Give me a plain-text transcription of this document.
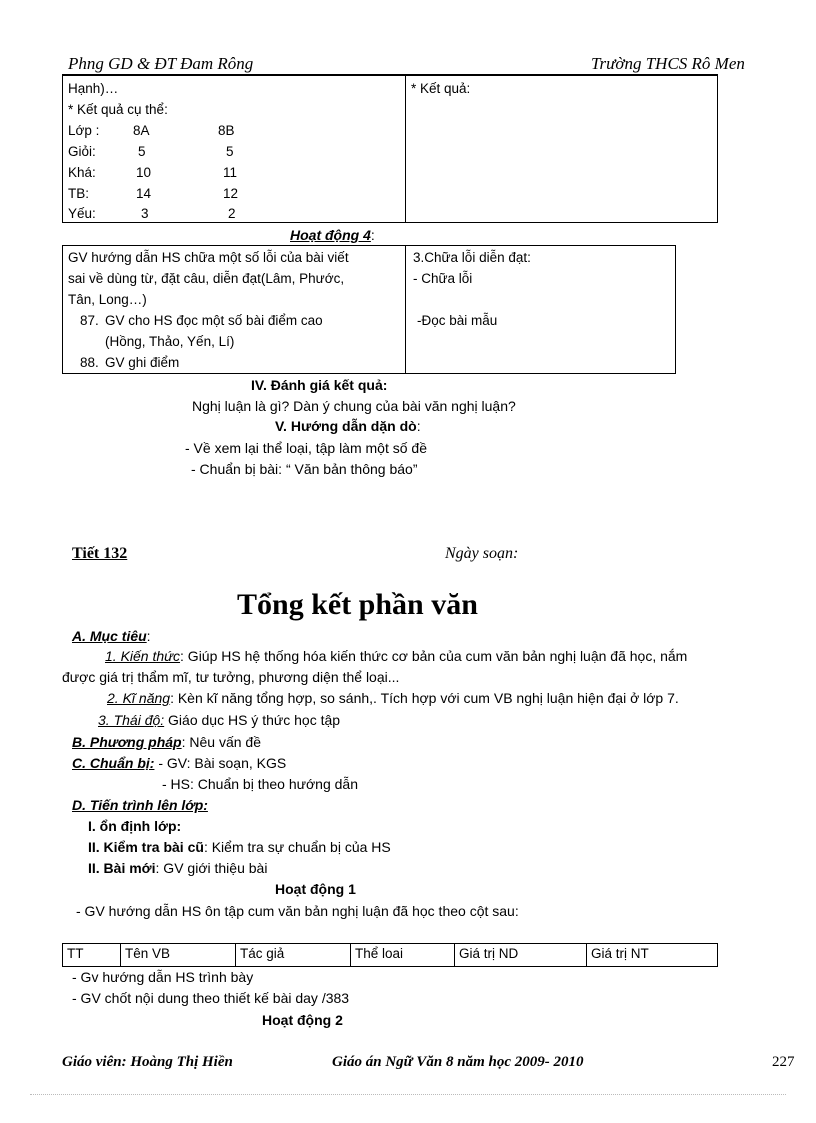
Phng GD & ĐT Đam Rông	Trường THCS Rô Men
Hạnh)…
* Kết quả cụ thể:
Lớp : 8A	8B
Giỏi:	5	5
Khá:	10	11
TB:	14	12
Yếu:	3	2
* Kết quả:
Hoạt động 4:
GV hướng dẫn HS chữa một số lỗi của bài viết
sai về dùng từ, đặt câu, diễn đạt(Lâm, Phước,
Tân, Long…)
87. GV cho HS đọc một số bài điểm cao
(Hồng, Thảo, Yến, Lí)
88. GV ghi điểm
3.Chữa lỗi diễn đạt:
- Chữa lỗi
-Đọc bài mẫu
IV. Đánh giá kết quả:
Nghị luận là gì? Dàn ý chung của bài văn nghị luận?
V. Hướng dẫn dặn dò:
- Về xem lại thể loại, tập làm một số đề
- Chuẩn bị bài: “ Văn bản thông báo”
Tiết 132	Ngày soạn:
Tổng kết phần văn
A. Mục tiêu:
1. Kiến thức: Giúp HS hệ thống hóa kiến thức cơ bản của cum văn bản nghị luận đã học, nắm
được giá trị thẩm mĩ, tư tưởng, phương diện thể loại...
2. Kĩ năng: Kèn kĩ năng tổng hợp, so sánh,. Tích hợp với cum VB nghị luận hiện đại ở lớp 7.
3. Thái độ: Giáo dục HS ý thức học tập
B. Phương pháp: Nêu vấn đề
C. Chuẩn bị: - GV: Bài soạn, KGS
- HS: Chuẩn bị theo hướng dẫn
D. Tiến trình lên lớp:
I. ổn định lớp:
II. Kiểm tra bài cũ: Kiểm tra sự chuẩn bị của HS
II. Bài mới: GV giới thiệu bài
Hoạt động 1
- GV hướng dẫn HS ôn tập cum văn bản nghị luận đã học theo cột sau:
TT	Tên VB	Tác giả	Thể loai	Giá trị ND	Giá trị NT
- Gv hướng dẫn HS trình bày
- GV chốt nội dung theo thiết kế bài day /383
Hoạt động 2
Giáo viên: Hoàng Thị Hiền	Giáo án Ngữ Văn 8 năm học 2009- 2010	227
